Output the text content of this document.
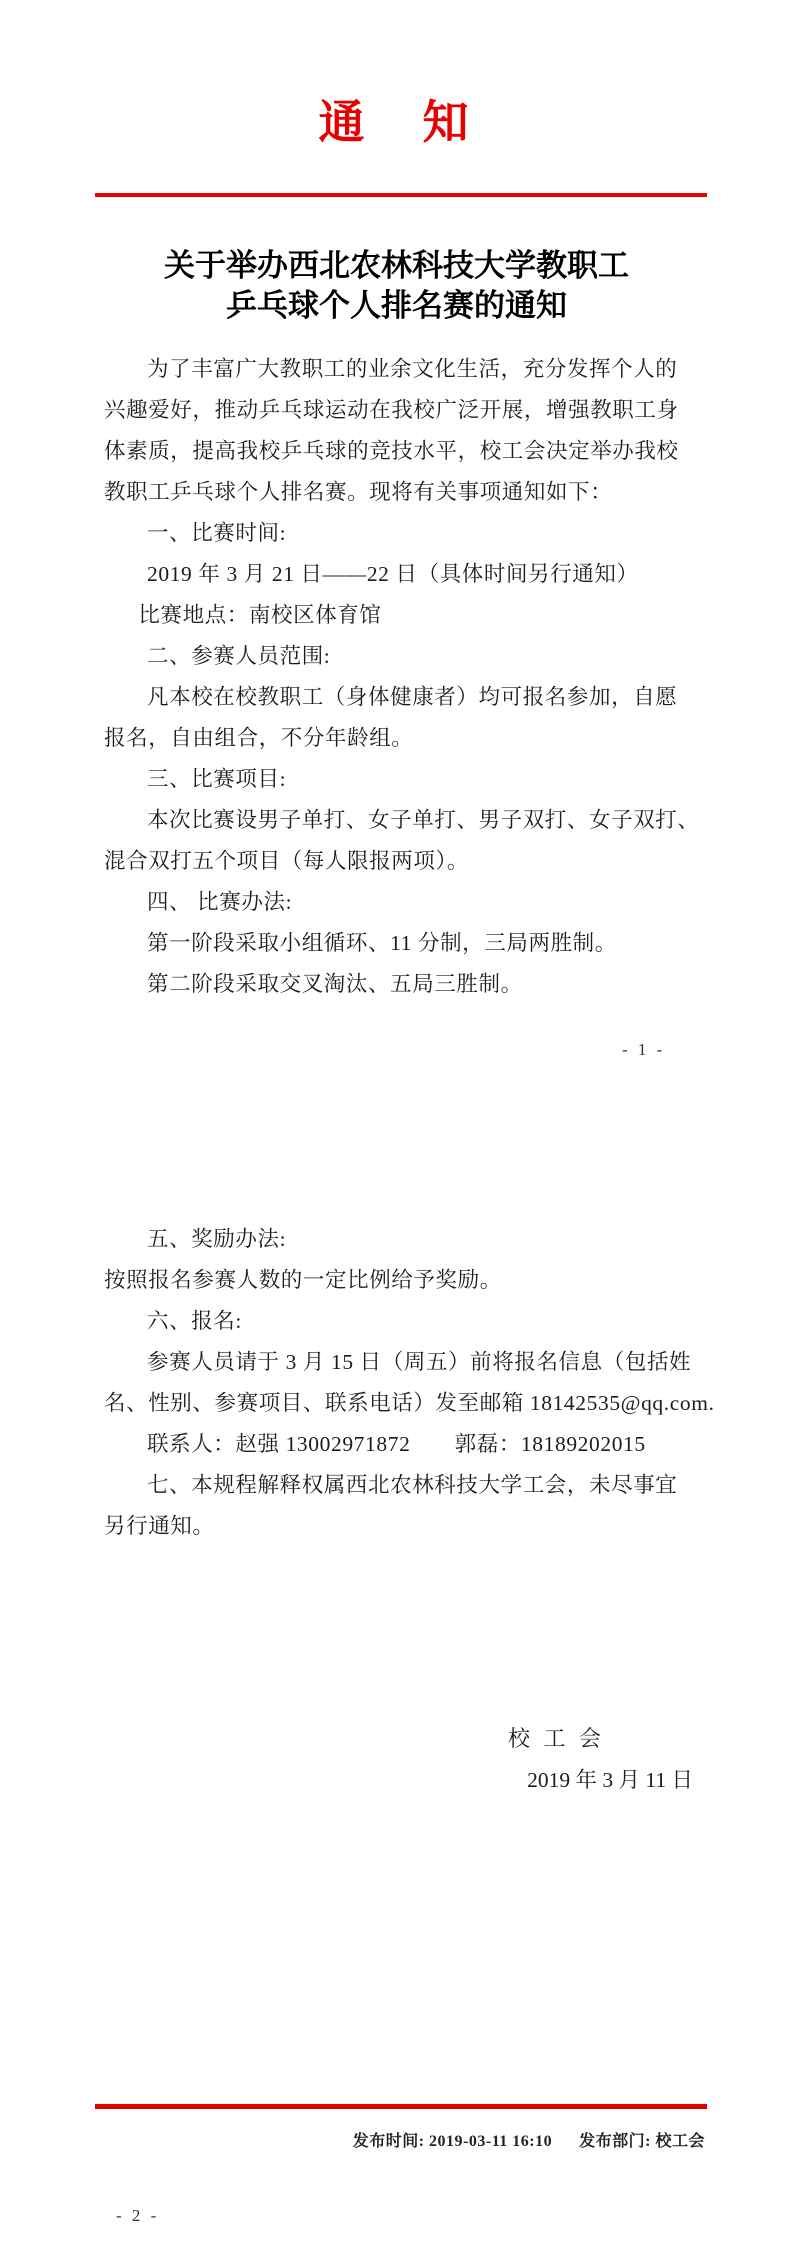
通　知
关于举办西北农林科技大学教职工
乒乓球个人排名赛的通知
为了丰富广大教职工的业余文化生活，充分发挥个人的
兴趣爱好，推动乒乓球运动在我校广泛开展，增强教职工身
体素质，提高我校乒乓球的竞技水平，校工会决定举办我校
教职工乒乓球个人排名赛。现将有关事项通知如下：
一、比赛时间:
2019 年 3 月 21 日——22 日（具体时间另行通知）
比赛地点：南校区体育馆
二、参赛人员范围:
凡本校在校教职工（身体健康者）均可报名参加，自愿
报名，自由组合，不分年龄组。
三、比赛项目:
本次比赛设男子单打、女子单打、男子双打、女子双打、
混合双打五个项目（每人限报两项）。
四、 比赛办法:
第一阶段采取小组循环、11 分制，三局两胜制。
第二阶段采取交叉淘汰、五局三胜制。
- 1 -
五、奖励办法:
按照报名参赛人数的一定比例给予奖励。
六、报名:
参赛人员请于 3 月 15 日（周五）前将报名信息（包括姓
名、性别、参赛项目、联系电话）发至邮箱 18142535@qq.com.
联系人：赵强 13002971872　　郭磊：18189202015
七、本规程解释权属西北农林科技大学工会，未尽事宜
另行通知。
校 工 会
2019 年 3 月 11 日
发布时间: 2019-03-11 16:10 发布部门: 校工会
- 2 -
